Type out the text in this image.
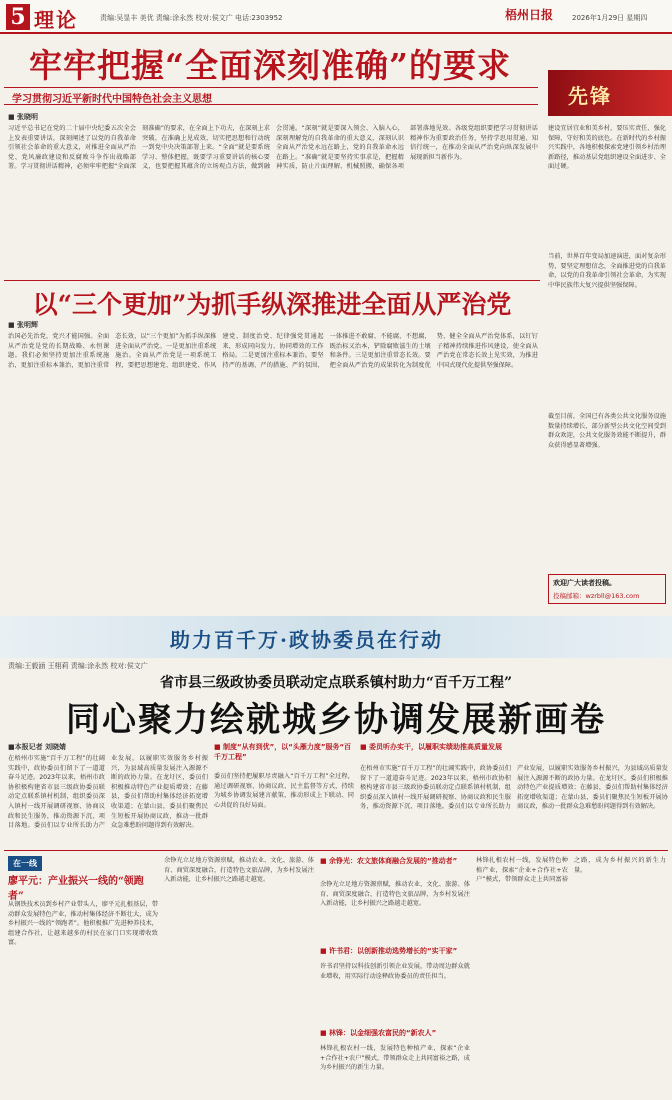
5 理论	责编:吴显丰 美优 责编:涂永然 校对:侯文广 电话:2303952	梧州日报	2026年1月29日 星期四
牢牢把握“全面深刻准确”的要求
学习贯彻习近平新时代中国特色社会主义思想
■ 张晓明
习近平总书记在党的二十届中央纪委五次全会上发表重要讲话，深刻阐述了以党的自我革命引领社会革命的重大意义，对推进全面从严治党、党风廉政建设和反腐败斗争作出战略部署。学习贯彻讲话精神，必须牢牢把握“全面深刻准确”的要求，在全面上下功夫，在深刻上求突破，在准确上见成效，切实把思想和行动统一到党中央决策部署上来。“全面”就是要系统学习、整体把握，既要学习重要讲话的核心要义，也要把握其蕴含的立场观点方法，做到融会贯通。“深刻”就是要深入领会、入脑入心，深刻理解党的自我革命的重大意义，深刻认识全面从严治党永远在路上，党的自我革命永远在路上。“准确”就是要坚持实事求是，把握精神实质，防止片面理解、机械照搬，确保各项部署落地见效。各级党组织要把学习贯彻讲话精神作为重要政治任务，坚持学思用贯通、知信行统一，在推动全面从严治党向纵深发展中展现新担当新作为。
先锋
建设宜居宜业和美乡村，要压实责任、强化保障，守好和美的底色。在新时代的乡村振兴实践中，各地积极探索党建引领乡村治理新路径，推动基层党组织建设全面进步、全面过硬。
当前，世界百年变局加速演进，面对复杂形势，要坚定理想信念，全面推进党的自我革命，以党的自我革命引领社会革命，为实现中华民族伟大复兴提供坚强保障。
截至目前，全国已有各类公共文化服务设施数量持续增长，部分新型公共文化空间受到群众欢迎，公共文化服务效能不断提升，群众获得感显著增强。
欢迎广大读者投稿。
投稿邮箱：wzrbll@163.com
以“三个更加”为抓手纵深推进全面从严治党
■ 张明辉
治国必先治党，党兴才能国强。全面从严治党是党的长期战略、永恒课题。我们必须坚持更加注重系统施治，更加注重标本兼治，更加注重常态长效，以“三个更加”为抓手纵深推进全面从严治党。一是更加注重系统施治。全面从严治党是一项系统工程，要把思想建党、组织建党、作风建党、制度治党、纪律强党贯通起来，形成同向发力、协同增效的工作格局。二是更加注重标本兼治。要坚持严的基调、严的措施、严的氛围，一体推进不敢腐、不能腐、不想腐，既治标又治本，铲除腐败滋生的土壤和条件。三是更加注重常态长效。要把全面从严治党的成果转化为制度优势，健全全面从严治党体系，以钉钉子精神持续推进作风建设，使全面从严治党在常态长效上见实效，为推进中国式现代化提供坚强保障。
助力百千万·政协委员在行动
责编:王毅涵 王栩莉 责编:涂永然 校对:侯文广
省市县三级政协委员联动定点联系镇村助力“百千万工程”
同心聚力绘就城乡协调发展新画卷
■本报记者 刘晓婧
在梧州市实施“百千万工程”的壮阔实践中，政协委员们留下了一道道奋斗足迹。2023年以来，梧州市政协积极构建省市县三级政协委员联动定点联系镇村机制，组织委员深入镇村一线开展调研视察、协商议政和民生服务，推动资源下沉、项目落地。委员们以专业所长助力产业发展，以履职实效服务乡村振兴，为县域高质量发展注入源源不断的政协力量。在龙圩区，委员们积极推动特色产业提质增效；在藤县，委员们帮助村集体经济拓宽增收渠道；在蒙山县，委员们聚焦民生短板开展协商议政，推动一批群众急难愁盼问题得到有效解决。
■ 制度“从有到优”，以“头雁力度”服务“百千万工程”
委员们坚持把履职尽责融入“百千万工程”全过程，通过调研视察、协商议政、民主监督等方式，持续为城乡协调发展建言献策，推动形成上下联动、同心共促的良好局面。
■ 委员听办实干，以履职实绩助推高质量发展
在梧州市实施“百千万工程”的壮阔实践中，政协委员们留下了一道道奋斗足迹。2023年以来，梧州市政协积极构建省市县三级政协委员联动定点联系镇村机制，组织委员深入镇村一线开展调研视察、协商议政和民生服务，推动资源下沉、项目落地。委员们以专业所长助力产业发展，以履职实效服务乡村振兴，为县域高质量发展注入源源不断的政协力量。在龙圩区，委员们积极推动特色产业提质增效；在藤县，委员们帮助村集体经济拓宽增收渠道；在蒙山县，委员们聚焦民生短板开展协商议政，推动一批群众急难愁盼问题得到有效解决。
在一线
廖平元：产业振兴一线的“领跑者”
从钢铁技术员到乡村产业带头人，廖平元扎根基层，带动群众发展特色产业，推动村集体经济不断壮大，成为乡村振兴一线的“领跑者”。他积极推广先进种养技术，组建合作社，让越来越多的村民在家门口实现增收致富。
余铮光立足地方资源禀赋，推动农业、文化、旅游、体育、商贸深度融合，打造特色文旅品牌，为乡村发展注入新动能，让乡村振兴之路越走越宽。
■ 余铮光：农文旅体商融合发展的“推动者”
余铮光立足地方资源禀赋，推动农业、文化、旅游、体育、商贸深度融合，打造特色文旅品牌，为乡村发展注入新动能，让乡村振兴之路越走越宽。
■ 许书君：以创新推动选势增长的“实干家”
许书君坚持以科技创新引领企业发展，带动周边群众就业增收，用实际行动诠释政协委员的责任担当。
■ 林锋：以金细强农富民的“新农人”
林锋扎根农村一线，发展特色种植产业，探索“企业+合作社+农户”模式，带领群众走上共同富裕之路，成为乡村振兴的新生力量。
林锋扎根农村一线，发展特色种植产业，探索“企业+合作社+农户”模式，带领群众走上共同富裕之路，成为乡村振兴的新生力量。
